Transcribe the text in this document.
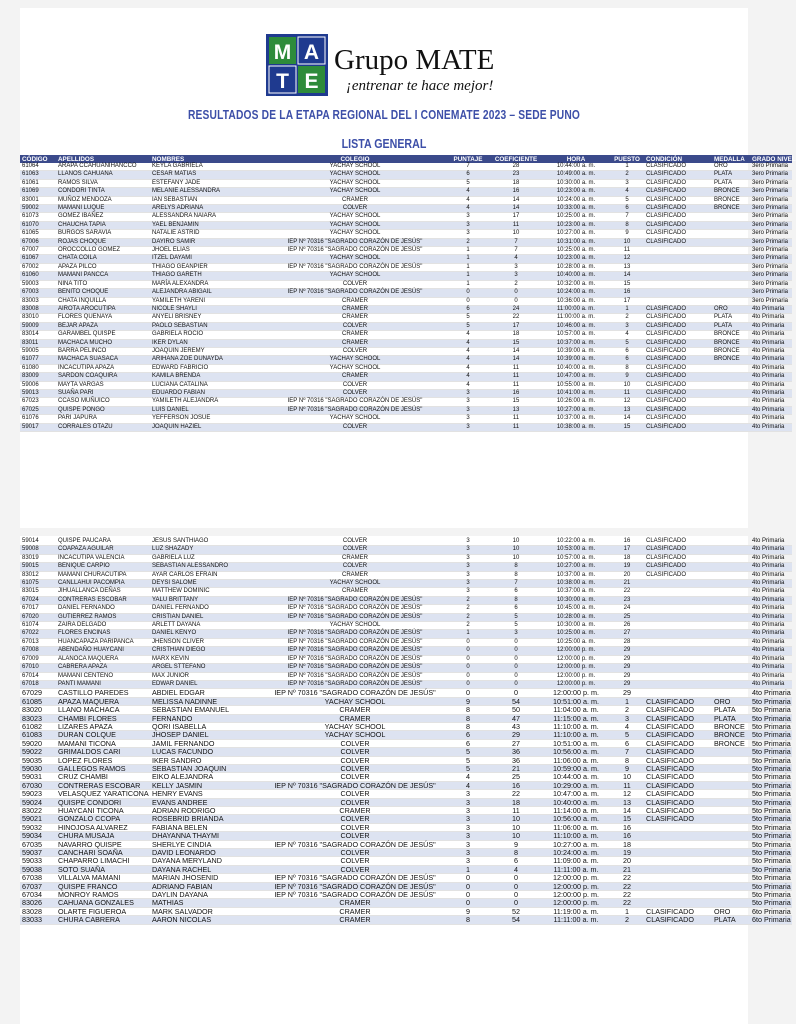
M A
T E
Grupo MATE
¡entrenar te hace mejor!
RESULTADOS DE LA ETAPA REGIONAL DEL I CONEMATE 2023 – SEDE PUNO
LISTA GENERAL
CÓDIGO	APELLIDOS	NOMBRES	COLEGIO	PUNTAJE	COEFICIENTE	HORA	PUESTO	CONDICIÓN	MEDALLA	GRADO NIVEL
61064	ARAPA CCAHUANIHANCCO	KEYLA GABRIELA	YACHAY SCHOOL	7	28	10:44:00 a. m.	1	CLASIFICADO	ORO	3ero Primaria
61063	LLANOS CAHUANA	CESAR MATIAS	YACHAY SCHOOL	6	23	10:49:00 a. m.	2	CLASIFICADO	PLATA	3ero Primaria
61061	RAMOS SILVA	ESTEFANY JADE	YACHAY SCHOOL	5	18	10:30:00 a. m.	3	CLASIFICADO	PLATA	3ero Primaria
61069	CONDORI TINTA	MELANIE ALESSANDRA	YACHAY SCHOOL	4	16	10:23:00 a. m.	4	CLASIFICADO	BRONCE	3ero Primaria
83001	MUÑOZ MENDOZA	IAN SEBASTIAN	CRAMER	4	14	10:24:00 a. m.	5	CLASIFICADO	BRONCE	3ero Primaria
59002	MAMANI LUQUE	ARELYS ADRIANA	COLVER	4	14	10:33:00 a. m.	6	CLASIFICADO	BRONCE	3ero Primaria
61073	GOMEZ IBAÑEZ	ALESSANDRA NAIARA	YACHAY SCHOOL	3	17	10:25:00 a. m.	7	CLASIFICADO		3ero Primaria
61070	CHAUCHA TAPIA	YAEL BENJAMIN	YACHAY SCHOOL	3	11	10:23:00 a. m.	8	CLASIFICADO		3ero Primaria
61065	BURGOS SARAVIA	NATALIE ASTRID	YACHAY SCHOOL	3	10	10:27:00 a. m.	9	CLASIFICADO		3ero Primaria
67006	ROJAS CHOQUE	DAYIRO SAMIR	IEP Nº 70316 "SAGRADO CORAZÓN DE JESÚS"	2	7	10:31:00 a. m.	10	CLASIFICADO		3ero Primaria
67007	OROCCOLLO GOMEZ	JHOEL ELIAS	IEP Nº 70316 "SAGRADO CORAZÓN DE JESÚS"	1	7	10:25:00 a. m.	11			3ero Primaria
61067	CHATA COILA	ITZEL DAYAMI	YACHAY SCHOOL	1	4	10:23:00 a. m.	12			3ero Primaria
67002	APAZA PILCO	THIAGO GEANPIER	IEP Nº 70316 "SAGRADO CORAZÓN DE JESÚS"	1	3	10:28:00 a. m.	13			3ero Primaria
61060	MAMANI PANCCA	THIAGO GARETH	YACHAY SCHOOL	1	3	10:40:00 a. m.	14			3ero Primaria
59003	NINA TITO	MARÍA ALEXANDRA	COLVER	1	2	10:32:00 a. m.	15			3ero Primaria
67003	BENITO CHOQUE	ALEJANDRA ABIGAIL	IEP Nº 70316 "SAGRADO CORAZÓN DE JESÚS"	0	0	10:24:00 a. m.	16			3ero Primaria
83003	CHATA INQUILLA	YAMILETH YARENI	CRAMER	0	0	10:36:00 a. m.	17			3ero Primaria
83008	AIROTA AROCUTIPA	NICOLE SHAYLI	CRAMER	6	24	11:00:00 a. m.	1	CLASIFICADO	ORO	4to Primaria
83010	FLORES QUENAYA	ANYELI BRISNEY	CRAMER	5	22	11:00:00 a. m.	2	CLASIFICADO	PLATA	4to Primaria
59009	BEJAR APAZA	PAOLO SEBASTIAN	COLVER	5	17	10:46:00 a. m.	3	CLASIFICADO	PLATA	4to Primaria
83014	GARAMBEL QUISPE	GABRIELA ROCIO	CRAMER	4	18	10:57:00 a. m.	4	CLASIFICADO	BRONCE	4to Primaria
83011	MACHACA MUCHO	IKER DYLAN	CRAMER	4	15	10:37:00 a. m.	5	CLASIFICADO	BRONCE	4to Primaria
59005	BARRA PELINCO	JOAQUIN JEREMY	COLVER	4	14	10:39:00 a. m.	6	CLASIFICADO	BRONCE	4to Primaria
61077	MACHACA SUASACA	ARIHANA ZOE DUNAYDA	YACHAY SCHOOL	4	14	10:39:00 a. m.	6	CLASIFICADO	BRONCE	4to Primaria
61080	INCACUTIPA APAZA	EDWARD FABRICIO	YACHAY SCHOOL	4	11	10:40:00 a. m.	8	CLASIFICADO		4to Primaria
83009	SARDON COAQUIRA	KAMILA BRENDA	CRAMER	4	11	10:47:00 a. m.	9	CLASIFICADO		4to Primaria
59006	MAYTA VARGAS	LUCIANA CATALINA	COLVER	4	11	10:55:00 a. m.	10	CLASIFICADO		4to Primaria
59013	SUAÑA PARI	EDUARDO FABIAN	COLVER	3	16	10:41:00 a. m.	11	CLASIFICADO		4to Primaria
67023	CCASO MUÑUICO	YAMILETH ALEJANDRA	IEP Nº 70316 "SAGRADO CORAZÓN DE JESÚS"	3	15	10:26:00 a. m.	12	CLASIFICADO		4to Primaria
67025	QUISPE PONGO	LUIS DANIEL	IEP Nº 70316 "SAGRADO CORAZÓN DE JESÚS"	3	13	10:27:00 a. m.	13	CLASIFICADO		4to Primaria
61076	PARI JAPURA	YEFFERSON JOSUE	YACHAY SCHOOL	3	11	10:37:00 a. m.	14	CLASIFICADO		4to Primaria
59017	CORRALES OTAZU	JOAQUIN HAZIEL	COLVER	3	11	10:38:00 a. m.	15	CLASIFICADO		4to Primaria
59014	QUISPE PAUCARA	JESUS SANTHIAGO	COLVER	3	10	10:22:00 a. m.	16	CLASIFICADO		4to Primaria
59008	COAPAZA AGUILAR	LUZ SHAZADY	COLVER	3	10	10:53:00 a. m.	17	CLASIFICADO		4to Primaria
83019	INCACUTIPA VALENCIA	GABRIELA LUZ	CRAMER	3	10	10:57:00 a. m.	18	CLASIFICADO		4to Primaria
59015	BENIQUE CARPIO	SEBASTIAN ALESSANDRO	COLVER	3	8	10:27:00 a. m.	19	CLASIFICADO		4to Primaria
83012	MAMANI CHURACUTIPA	AYAR CARLOS EFRAIN	CRAMER	3	8	10:37:00 a. m.	20	CLASIFICADO		4to Primaria
61075	CANLLAHUI PACOMPIA	DEYSI SALOME	YACHAY SCHOOL	3	7	10:38:00 a. m.	21			4to Primaria
83015	JIHUALLANCA DEÑAS	MATTHEW DOMINIC	CRAMER	3	6	10:37:00 a. m.	22			4to Primaria
67024	CONTRERAS ESCOBAR	YALU BRITTANY	IEP Nº 70316 "SAGRADO CORAZÓN DE JESÚS"	2	8	10:30:00 a. m.	23			4to Primaria
67017	DANIEL FERNANDO	DANIEL FERNANDO	IEP Nº 70316 "SAGRADO CORAZÓN DE JESÚS"	2	6	10:45:00 a. m.	24			4to Primaria
67020	GUTIERREZ RAMOS	CRISTIAN DANIEL	IEP Nº 70316 "SAGRADO CORAZÓN DE JESÚS"	2	5	10:28:00 a. m.	25			4to Primaria
61074	ZAIRA DELGADO	ARLETT DAYANA	YACHAY SCHOOL	2	5	10:30:00 a. m.	26			4to Primaria
67022	FLORES ENCINAS	DANIEL KENYO	IEP Nº 70316 "SAGRADO CORAZÓN DE JESÚS"	1	3	10:25:00 a. m.	27			4to Primaria
67013	HUANCAPAZA PARIPANCA	JHENSON CLIVER	IEP Nº 70316 "SAGRADO CORAZÓN DE JESÚS"	0	0	10:25:00 a. m.	28			4to Primaria
67008	ABENDAÑO HUAYCANI	CRISTHIAN DIEGO	IEP Nº 70316 "SAGRADO CORAZÓN DE JESÚS"	0	0	12:00:00 p. m.	29			4to Primaria
67009	ALANOCA MAQUERA	MARX KEVIN	IEP Nº 70316 "SAGRADO CORAZÓN DE JESÚS"	0	0	12:00:00 p. m.	29			4to Primaria
67010	CABRERA APAZA	ARGEL STTEFANO	IEP Nº 70316 "SAGRADO CORAZÓN DE JESÚS"	0	0	12:00:00 p. m.	29			4to Primaria
67014	MAMANI CENTENO	MAX JUNIOR	IEP Nº 70316 "SAGRADO CORAZÓN DE JESÚS"	0	0	12:00:00 p. m.	29			4to Primaria
67018	PANTI MAMANI	EDWAR DANIEL	IEP Nº 70316 "SAGRADO CORAZÓN DE JESÚS"	0	0	12:00:00 p. m.	29			4to Primaria
67029	CASTILLO PAREDES	ABDIEL EDGAR	IEP Nº 70316 "SAGRADO CORAZÓN DE JESÚS"	0	0	12:00:00 p. m.	29			4to Primaria
61085	APAZA MAQUERA	MELISSA NADINNE	YACHAY SCHOOL	9	54	10:51:00 a. m.	1	CLASIFICADO	ORO	5to Primaria
83020	LLANO MACHACA	SEBASTIAN EMANUEL	CRAMER	8	50	11:04:00 a. m.	2	CLASIFICADO	PLATA	5to Primaria
83023	CHAMBI FLORES	FERNANDO	CRAMER	8	47	11:15:00 a. m.	3	CLASIFICADO	PLATA	5to Primaria
61082	LIZARES APAZA	QORI ISABELLA	YACHAY SCHOOL	8	43	11:10:00 a. m.	4	CLASIFICADO	BRONCE	5to Primaria
61083	DURAN COLQUE	JHOSEP DANIEL	YACHAY SCHOOL	6	29	11:10:00 a. m.	5	CLASIFICADO	BRONCE	5to Primaria
59020	MAMANI TICONA	JAMIL FERNANDO	COLVER	6	27	10:51:00 a. m.	6	CLASIFICADO	BRONCE	5to Primaria
59022	GRIMALDOS CARI	LUCAS FACUNDO	COLVER	5	36	10:56:00 a. m.	7	CLASIFICADO		5to Primaria
59035	LOPEZ FLORES	IKER SANDRO	COLVER	5	36	11:06:00 a. m.	8	CLASIFICADO		5to Primaria
59030	GALLEGOS RAMOS	SEBASTIAN JOAQUIN	COLVER	5	21	10:59:00 a. m.	9	CLASIFICADO		5to Primaria
59031	CRUZ CHAMBI	EIKO ALEJANDRA	COLVER	4	25	10:44:00 a. m.	10	CLASIFICADO		5to Primaria
67030	CONTRERAS ESCOBAR	KELLY JASMIN	IEP Nº 70316 "SAGRADO CORAZÓN DE JESÚS"	4	16	10:29:00 a. m.	11	CLASIFICADO		5to Primaria
59023	VELASQUEZ YARATICONA	HENRY EVANS	COLVER	3	22	10:47:00 a. m.	12	CLASIFICADO		5to Primaria
59024	QUISPE CONDORI	EVANS ANDREE	COLVER	3	18	10:40:00 a. m.	13	CLASIFICADO		5to Primaria
83022	HUAYCANI TICONA	ADRIAN RODRIGO	CRAMER	3	11	11:14:00 a. m.	14	CLASIFICADO		5to Primaria
59021	GONZALO CCOPA	ROSEBRID BRIANDA	COLVER	3	10	10:56:00 a. m.	15	CLASIFICADO		5to Primaria
59032	HINOJOSA ALVAREZ	FABIANA BELEN	COLVER	3	10	11:06:00 a. m.	16			5to Primaria
59034	CHURA MUSAJA	DHAYANNA THAYMI	COLVER	3	10	11:10:00 a. m.	16			5to Primaria
67035	NAVARRO QUISPE	SHERLYE CINDIA	IEP Nº 70316 "SAGRADO CORAZÓN DE JESÚS"	3	9	10:27:00 a. m.	18			5to Primaria
59037	CANCHARI SOAÑA	DAVID LEONARDO	COLVER	3	8	10:24:00 a. m.	19			5to Primaria
59033	CHAPARRO LIMACHI	DAYANA MERYLAND	COLVER	3	6	11:09:00 a. m.	20			5to Primaria
59038	SOTO SUAÑA	DAYANA RACHEL	COLVER	1	4	11:11:00 a. m.	21			5to Primaria
67038	VILLALVA MAMANI	MARIAN JHOSENID	IEP Nº 70316 "SAGRADO CORAZÓN DE JESÚS"	0	0	12:00:00 p. m.	22			5to Primaria
67037	QUISPE FRANCO	ADRIANO FABIAN	IEP Nº 70316 "SAGRADO CORAZÓN DE JESÚS"	0	0	12:00:00 p. m.	22			5to Primaria
67034	MONROY RAMOS	DAYLIN DAYANA	IEP Nº 70316 "SAGRADO CORAZÓN DE JESÚS"	0	0	12:00:00 p. m.	22			5to Primaria
83026	CAHUANA GONZALES	MATHIAS	CRAMER	0	0	12:00:00 p. m.	22			5to Primaria
83028	OLARTE FIGUEROA	MARK SALVADOR	CRAMER	9	52	11:19:00 a. m.	1	CLASIFICADO	ORO	6to Primaria
83033	CHURA CABRERA	AARON NICOLAS	CRAMER	8	54	11:11:00 a. m.	2	CLASIFICADO	PLATA	6to Primaria
